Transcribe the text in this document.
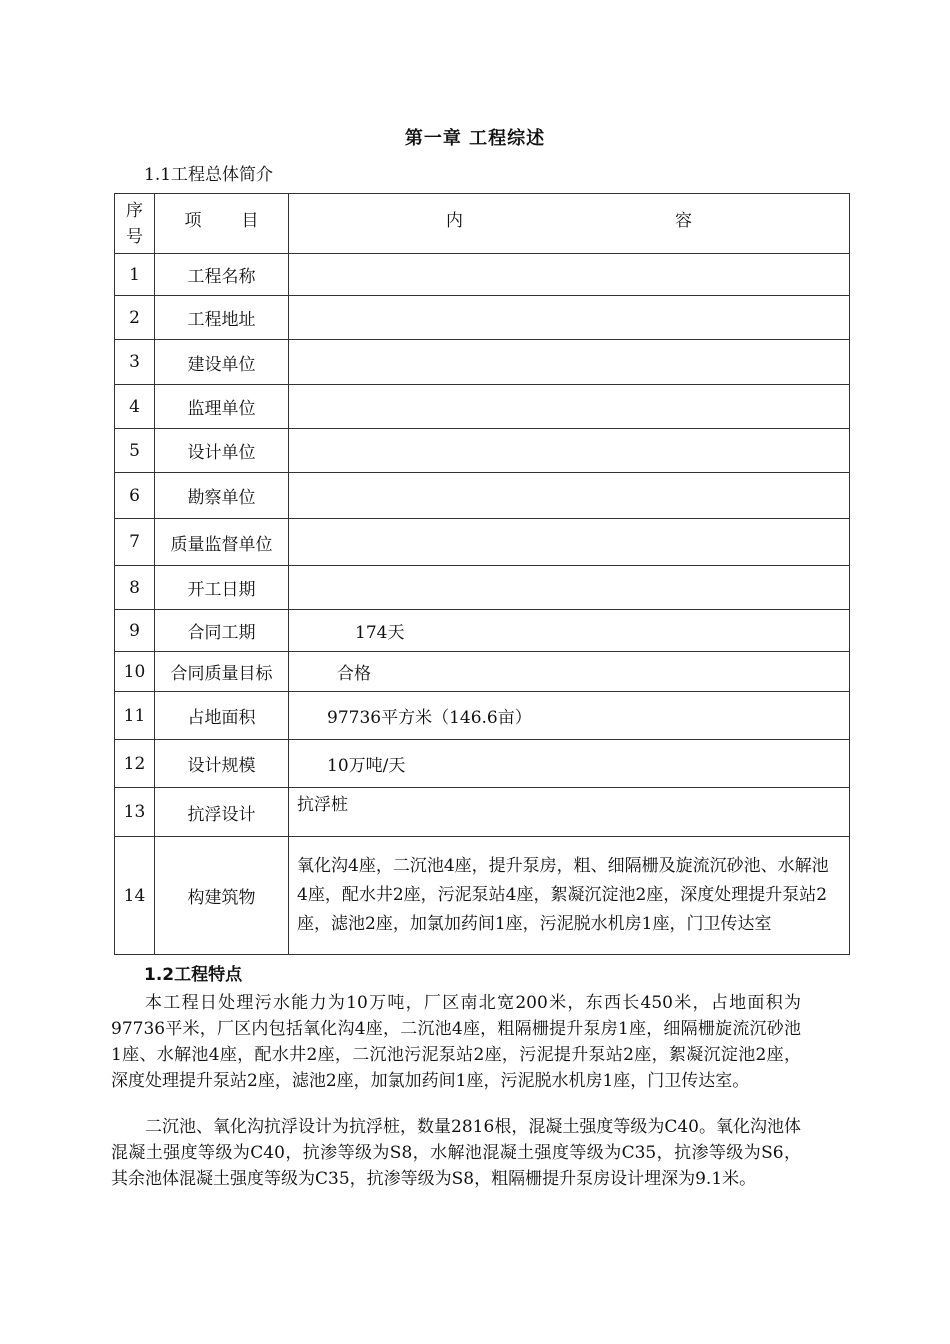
第一章 工程综述
1.1工程总体简介
序
号	项 目	内 容
1	工程名称	
2	工程地址	
3	建设单位	
4	监理单位	
5	设计单位	
6	勘察单位	
7	质量监督单位	
8	开工日期	
9	合同工期	174天
10	合同质量目标	合格
11	占地面积	97736平方米（146.6亩）
12	设计规模	10万吨/天
13	抗浮设计	抗浮桩
14	构建筑物	氧化沟4座，二沉池4座，提升泵房，粗、细隔栅及旋流沉砂池、水解池4座，配水井2座，污泥泵站4座，絮凝沉淀池2座，深度处理提升泵站2座，滤池2座，加氯加药间1座，污泥脱水机房1座，门卫传达室
1.2工程特点
本工程日处理污水能力为10万吨，厂区南北宽200米，东西长450米，占地面积为97736平米，厂区内包括氧化沟4座，二沉池4座，粗隔栅提升泵房1座，细隔栅旋流沉砂池1座、水解池4座，配水井2座，二沉池污泥泵站2座，污泥提升泵站2座，絮凝沉淀池2座，深度处理提升泵站2座，滤池2座，加氯加药间1座，污泥脱水机房1座，门卫传达室。
二沉池、氧化沟抗浮设计为抗浮桩，数量2816根，混凝土强度等级为C40。氧化沟池体混凝土强度等级为C40，抗渗等级为S8，水解池混凝土强度等级为C35，抗渗等级为S6，其余池体混凝土强度等级为C35，抗渗等级为S8，粗隔栅提升泵房设计埋深为9.1米。
